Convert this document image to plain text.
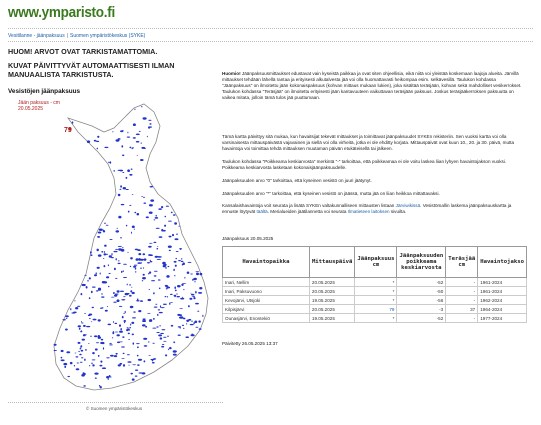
www.ymparisto.fi
Vesitilanne - jäänpaksuus | Suomen ympäristökeskus (SYKE)
HUOM! ARVOT OVAT TARKISTAMATTOMIA.
KUVAT PÄIVITTYVÄT AUTOMAATTISESTI ILMAN MANUAALISTA TARKISTUSTA.
Vesistöjen jäänpaksuus
79
Jään paksuus - cm
20.05.2025
© Suomen ympäristökeskus

Huomio! Jäänpaksuusmittaukset edustavat vain kyseistä paikkaa ja ovat siten ohjeellisia, eikä niitä voi yleistää koskemaan laajoja alueita. Järvillä mittaukset tehdään lähellä rantaa ja erityisesti alkutalvesta jää voi olla huomattavasti heikompaa esim. selkävesillä. Taulukon kohdassa "Jäänpaksuus" on ilmoitettu jään kokonaispaksuus (kohvan mittaus mukaan lukien), joka sisältää teräsjään, kohvan sekä mahdolliset vesikerrokset. Taulukon kohdassa "Teräsjää" on ilmoitettu erityisesti jään kantavuuteen vaikuttavan teräsjään paksuus. Joskus teräsjääkerroksen paksuutta on vaikea mitata, jolloin tämä tulos jää puuttumaan.

Tämä kartta päivittyy sitä mukaa, kun havaitsijat tekevät mittaukset ja toimittavat jäänpaksuudet SYKEn rekisteriin. Sen vuoksi kartta voi olla varsinaisesta mittauspäivästä vajavainen ja siellä voi olla virheitä, jotka ei ole ehditty korjata. Mittauspäivät ovat kuun 10., 20. ja 30. päivä, mutta havaintoja voi toimittaa tehdä mittauksen muutaman päivän etukäteisellä tai jälkeen.

Taulukon kohdassa "Poikkeama keskiarvosta" merkintä "-" tarkoittaa, että poikkeamaa ei ole voitu laskea liian lyhyen havaintojakson vuoksi. Poikkeama keskiarvosta lasketaan kokonaisjäänpaksuudelle.

Jäänpaksuuden arvo "0" tarkoittaa, että kyseinen vesistö on juuri jäätynyt.

Jäänpaksuuden arvo "*" tarkoittaa, että kyseinen vesistö on jäässä, mutta jää on liian heikkoa mittattavaksi.

Kansalaishavaintoja voit seurata ja lisätä SYKEn valtakunnalliseen mittausten listaan Järviwikissä. Vesistömallin laskema jäänpaksuuskartta ja ennuste löytyvät täältä. Merialueiden jäätilannetta voi seurata Ilmatieteen laitoksen sivuilta.

Jäänpaksuus 20.05.2025
Havaintopaikka	Mittauspäivä	Jäänpaksuus cm	Jäänpaksuuden poikkeama keskiarvosta	Teräsjää cm	Havaintojakso
Inari, Nellim	20.05.2025	*	-52	-	1961-2024
Inari, Paksuvuono	20.05.2025	*	-50	-	1961-2024
Kevojärvi, Utsjoki	19.05.2025	*	-56	-	1962-2024
Kilpisjärvi	20.05.2025	79	-3	37	1964-2024
Ounasjärvi, Enontekiö	19.05.2025	*	-52	-	1977-2024
Päivitetty 26.05.2025 13:37
